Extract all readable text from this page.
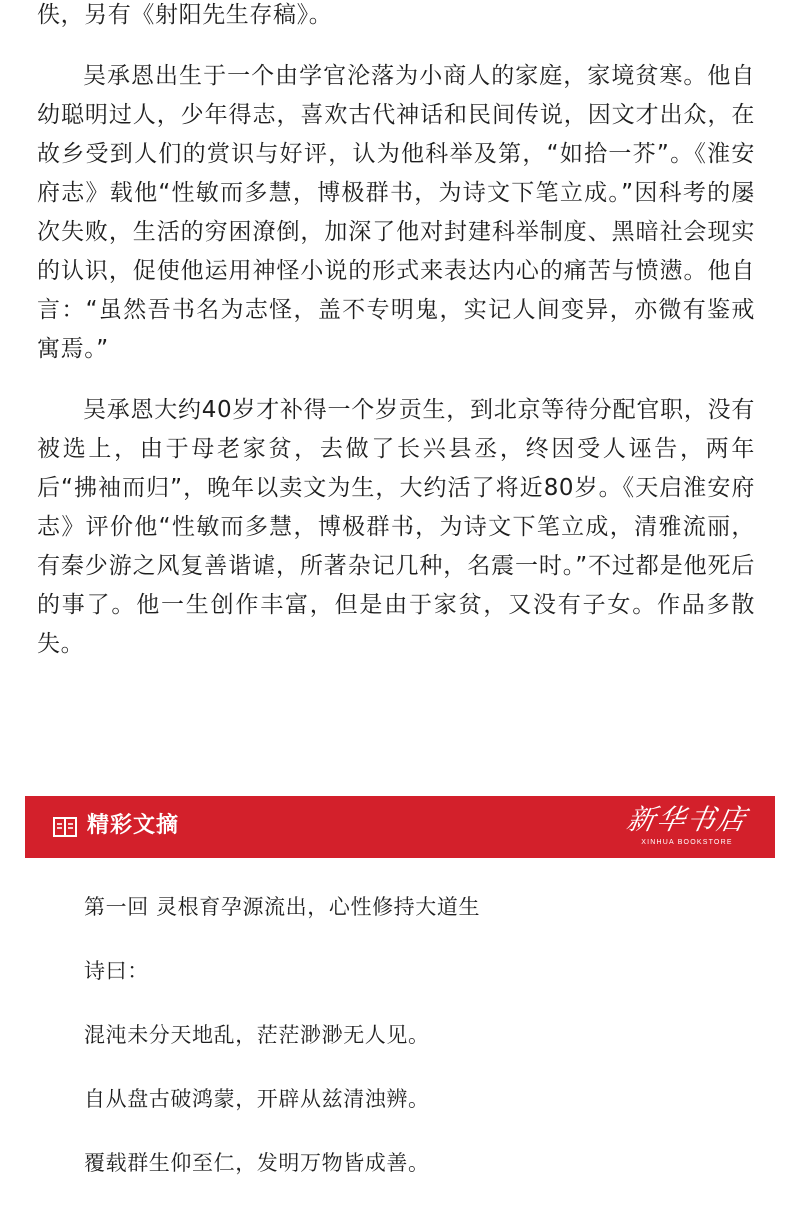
佚，另有《射阳先生存稿》。

吴承恩出生于一个由学官沦落为小商人的家庭，家境贫寒。他自幼聪明过人，少年得志，喜欢古代神话和民间传说，因文才出众，在故乡受到人们的赏识与好评，认为他科举及第，“如拾一芥”。《淮安府志》载他“性敏而多慧，博极群书，为诗文下笔立成。”因科考的屡次失败，生活的穷困潦倒，加深了他对封建科举制度、黑暗社会现实的认识，促使他运用神怪小说的形式来表达内心的痛苦与愤懑。他自言：“虽然吾书名为志怪，盖不专明鬼，实记人间变异，亦微有鉴戒寓焉。”

吴承恩大约40岁才补得一个岁贡生，到北京等待分配官职，没有被选上，由于母老家贫，去做了长兴县丞，终因受人诬告，两年后“拂袖而归”，晚年以卖文为生，大约活了将近80岁。《天启淮安府志》评价他“性敏而多慧，博极群书，为诗文下笔立成，清雅流丽，有秦少游之风复善谐谑，所著杂记几种，名震一时。”不过都是他死后的事了。他一生创作丰富，但是由于家贫，又没有子女。作品多散失。

精彩文摘	新华书店
XINHUA BOOKSTORE

第一回 灵根育孕源流出，心性修持大道生

诗曰：

混沌未分天地乱，茫茫渺渺无人见。

自从盘古破鸿蒙，开辟从兹清浊辨。

覆载群生仰至仁，发明万物皆成善。
